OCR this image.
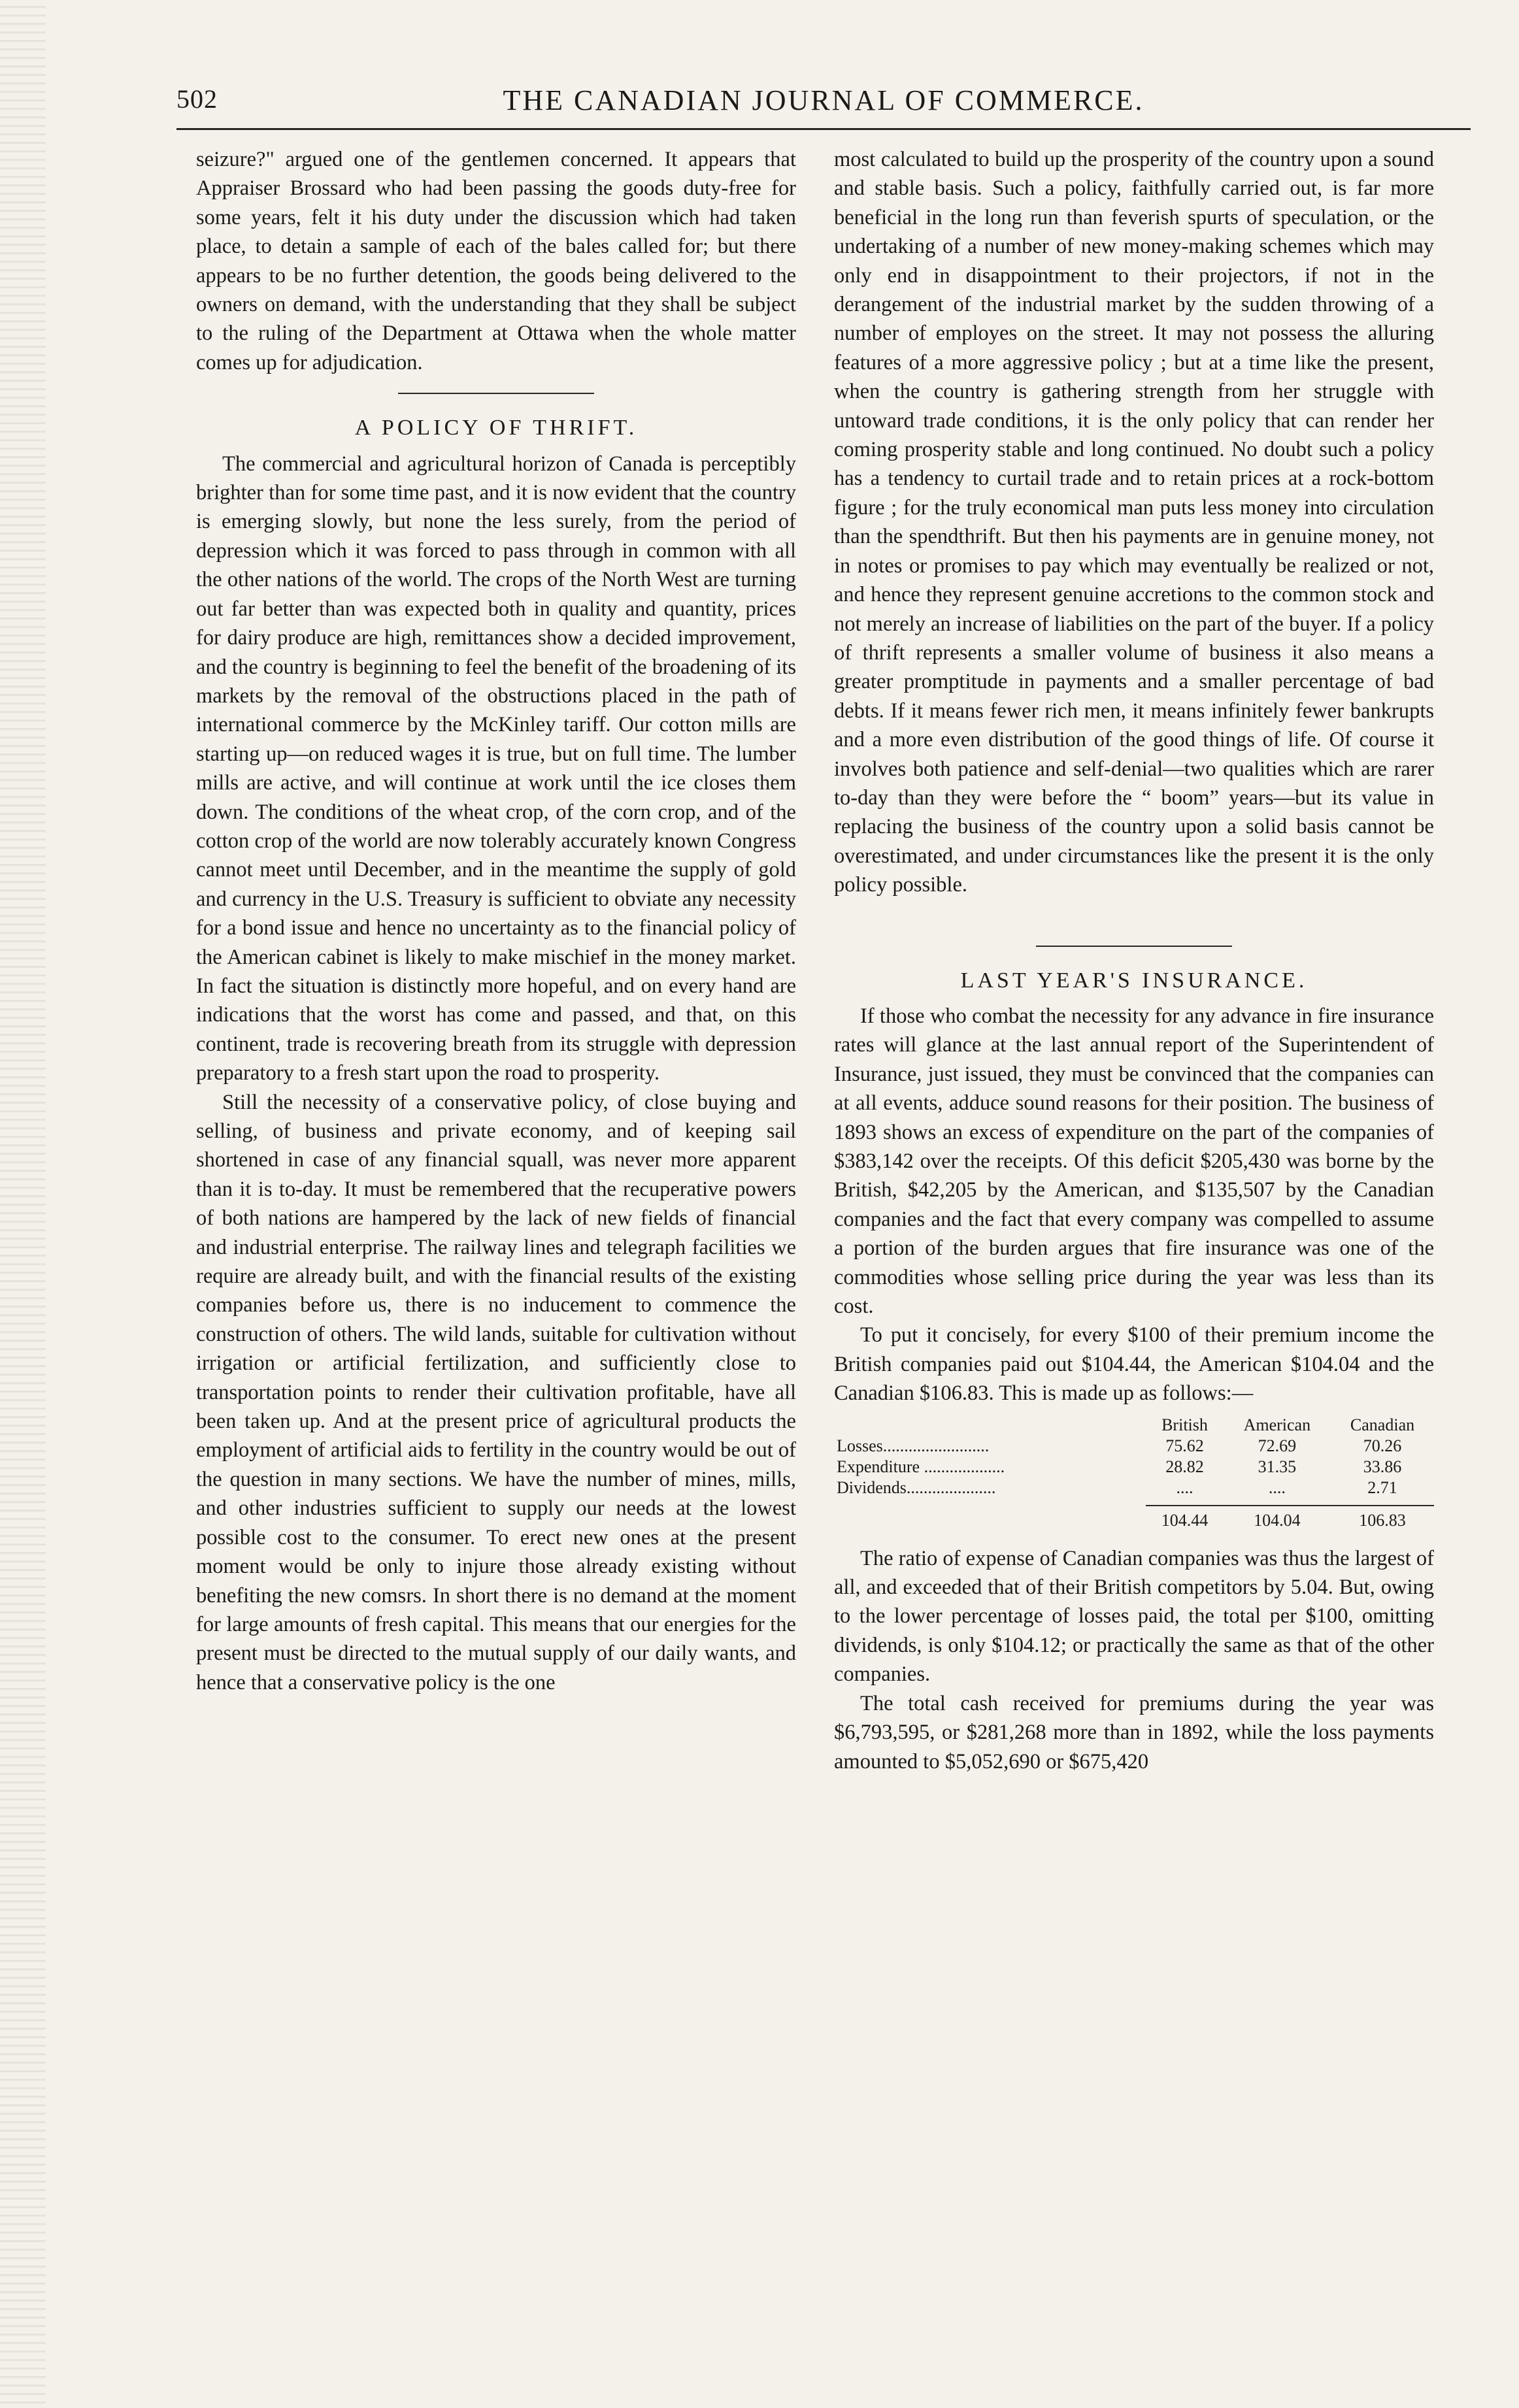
502	THE CANADIAN JOURNAL OF COMMERCE.

seizure?" argued one of the gentlemen concerned. It appears that Appraiser Brossard who had been passing the goods duty-free for some years, felt it his duty under the discussion which had taken place, to detain a sample of each of the bales called for; but there appears to be no further detention, the goods being delivered to the owners on demand, with the understanding that they shall be subject to the ruling of the Department at Ottawa when the whole matter comes up for adjudication.

A POLICY OF THRIFT.

The commercial and agricultural horizon of Canada is perceptibly brighter than for some time past, and it is now evident that the country is emerging slowly, but none the less surely, from the period of depression which it was forced to pass through in common with all the other nations of the world. The crops of the North West are turning out far better than was expected both in quality and quantity, prices for dairy produce are high, remittances show a decided improvement, and the country is beginning to feel the benefit of the broadening of its markets by the removal of the obstructions placed in the path of international commerce by the McKinley tariff. Our cotton mills are starting up—on reduced wages it is true, but on full time. The lumber mills are active, and will continue at work until the ice closes them down. The conditions of the wheat crop, of the corn crop, and of the cotton crop of the world are now tolerably accurately known Congress cannot meet until December, and in the meantime the supply of gold and currency in the U.S. Treasury is sufficient to obviate any necessity for a bond issue and hence no uncertainty as to the financial policy of the American cabinet is likely to make mischief in the money market. In fact the situation is distinctly more hopeful, and on every hand are indications that the worst has come and passed, and that, on this continent, trade is recovering breath from its struggle with depression preparatory to a fresh start upon the road to prosperity.

Still the necessity of a conservative policy, of close buying and selling, of business and private economy, and of keeping sail shortened in case of any financial squall, was never more apparent than it is to-day. It must be remembered that the recuperative powers of both nations are hampered by the lack of new fields of financial and industrial enterprise. The railway lines and telegraph facilities we require are already built, and with the financial results of the existing companies before us, there is no inducement to commence the construction of others. The wild lands, suitable for cultivation without irrigation or artificial fertilization, and sufficiently close to transportation points to render their cultivation profitable, have all been taken up. And at the present price of agricultural products the employment of artificial aids to fertility in the country would be out of the question in many sections. We have the number of mines, mills, and other industries sufficient to supply our needs at the lowest possible cost to the consumer. To erect new ones at the present moment would be only to injure those already existing without benefiting the new comsrs. In short there is no demand at the moment for large amounts of fresh capital. This means that our energies for the present must be directed to the mutual supply of our daily wants, and hence that a conservative policy is the one

most calculated to build up the prosperity of the country upon a sound and stable basis. Such a policy, faithfully carried out, is far more beneficial in the long run than feverish spurts of speculation, or the undertaking of a number of new money-making schemes which may only end in disappointment to their projectors, if not in the derangement of the industrial market by the sudden throwing of a number of employes on the street. It may not possess the alluring features of a more aggressive policy ; but at a time like the present, when the country is gathering strength from her struggle with untoward trade conditions, it is the only policy that can render her coming prosperity stable and long continued. No doubt such a policy has a tendency to curtail trade and to retain prices at a rock-bottom figure ; for the truly economical man puts less money into circulation than the spendthrift. But then his payments are in genuine money, not in notes or promises to pay which may eventually be realized or not, and hence they represent genuine accretions to the common stock and not merely an increase of liabilities on the part of the buyer. If a policy of thrift represents a smaller volume of business it also means a greater promptitude in payments and a smaller percentage of bad debts. If it means fewer rich men, it means infinitely fewer bankrupts and a more even distribution of the good things of life. Of course it involves both patience and self-denial—two qualities which are rarer to-day than they were before the “ boom” years—but its value in replacing the business of the country upon a solid basis cannot be overestimated, and under circumstances like the present it is the only policy possible.

LAST YEAR'S INSURANCE.

If those who combat the necessity for any advance in fire insurance rates will glance at the last annual report of the Superintendent of Insurance, just issued, they must be convinced that the companies can at all events, adduce sound reasons for their position. The business of 1893 shows an excess of expenditure on the part of the companies of $383,142 over the receipts. Of this deficit $205,430 was borne by the British, $42,205 by the American, and $135,507 by the Canadian companies and the fact that every company was compelled to assume a portion of the burden argues that fire insurance was one of the commodities whose selling price during the year was less than its cost.

To put it concisely, for every $100 of their premium income the British companies paid out $104.44, the American $104.04 and the Canadian $106.83. This is made up as follows:—

	British	American	Canadian
Losses.........................	75.62	72.69	70.26
Expenditure ...................	28.82	31.35	33.86
Dividends.....................	....	....	2.71

	104.44	104.04	106.83

The ratio of expense of Canadian companies was thus the largest of all, and exceeded that of their British competitors by 5.04. But, owing to the lower percentage of losses paid, the total per $100, omitting dividends, is only $104.12; or practically the same as that of the other companies.

The total cash received for premiums during the year was $6,793,595, or $281,268 more than in 1892, while the loss payments amounted to $5,052,690 or $675,420
